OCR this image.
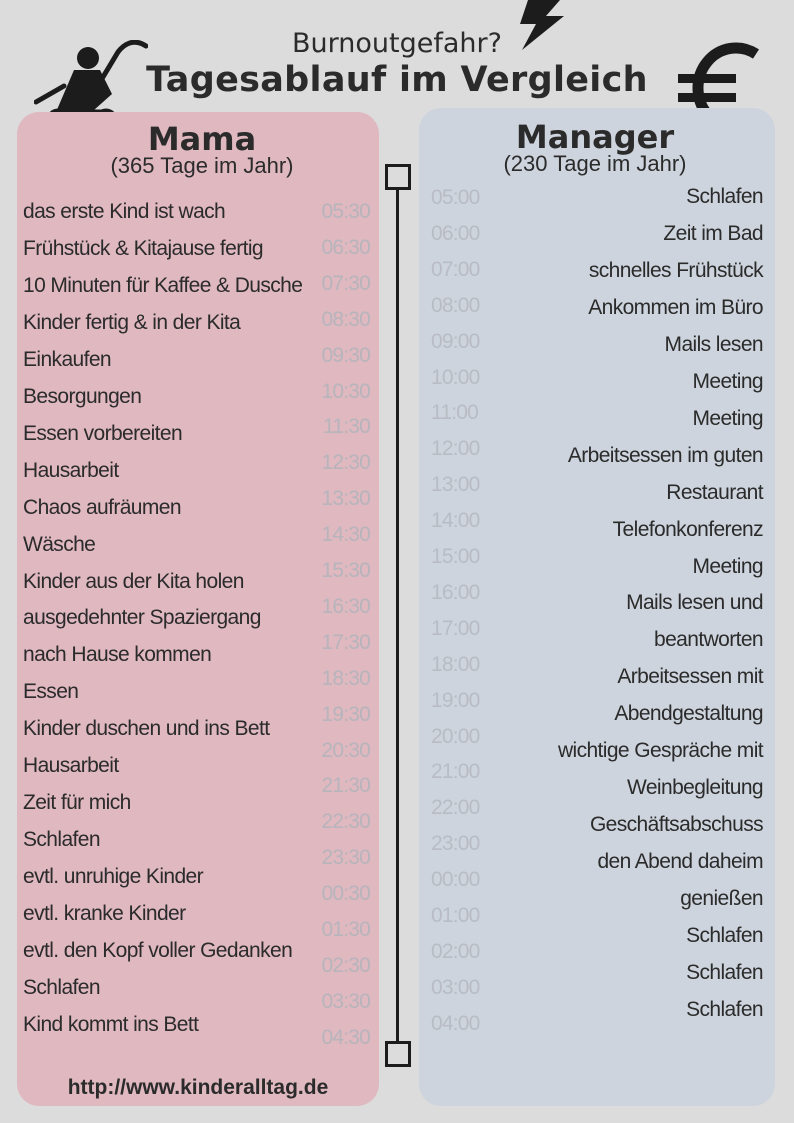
Burnoutgefahr?
Tagesablauf im Vergleich
Mama
(365 Tage im Jahr)
das erste Kind ist wach
Frühstück & Kitajause fertig
10 Minuten für Kaffee & Dusche
Kinder fertig & in der Kita
Einkaufen
Besorgungen
Essen vorbereiten
Hausarbeit
Chaos aufräumen
Wäsche
Kinder aus der Kita holen
ausgedehnter Spaziergang
nach Hause kommen
Essen
Kinder duschen und ins Bett
Hausarbeit
Zeit für mich
Schlafen
evtl. unruhige Kinder
evtl. kranke Kinder
evtl. den Kopf voller Gedanken
Schlafen
Kind kommt ins Bett
05:30
06:30
07:30
08:30
09:30
10:30
11:30
12:30
13:30
14:30
15:30
16:30
17:30
18:30
19:30
20:30
21:30
22:30
23:30
00:30
01:30
02:30
03:30
04:30
http://www.kinderalltag.de
Manager
(230 Tage im Jahr)
Schlafen
Zeit im Bad
schnelles Frühstück
Ankommen im Büro
Mails lesen
Meeting
Meeting
Arbeitsessen im guten
Restaurant
Telefonkonferenz
Meeting
Mails lesen und
beantworten
Arbeitsessen mit
Abendgestaltung
wichtige Gespräche mit
Weinbegleitung
Geschäftsabschuss
den Abend daheim
genießen
Schlafen
Schlafen
Schlafen
05:00
06:00
07:00
08:00
09:00
10:00
11:00
12:00
13:00
14:00
15:00
16:00
17:00
18:00
19:00
20:00
21:00
22:00
23:00
00:00
01:00
02:00
03:00
04:00
